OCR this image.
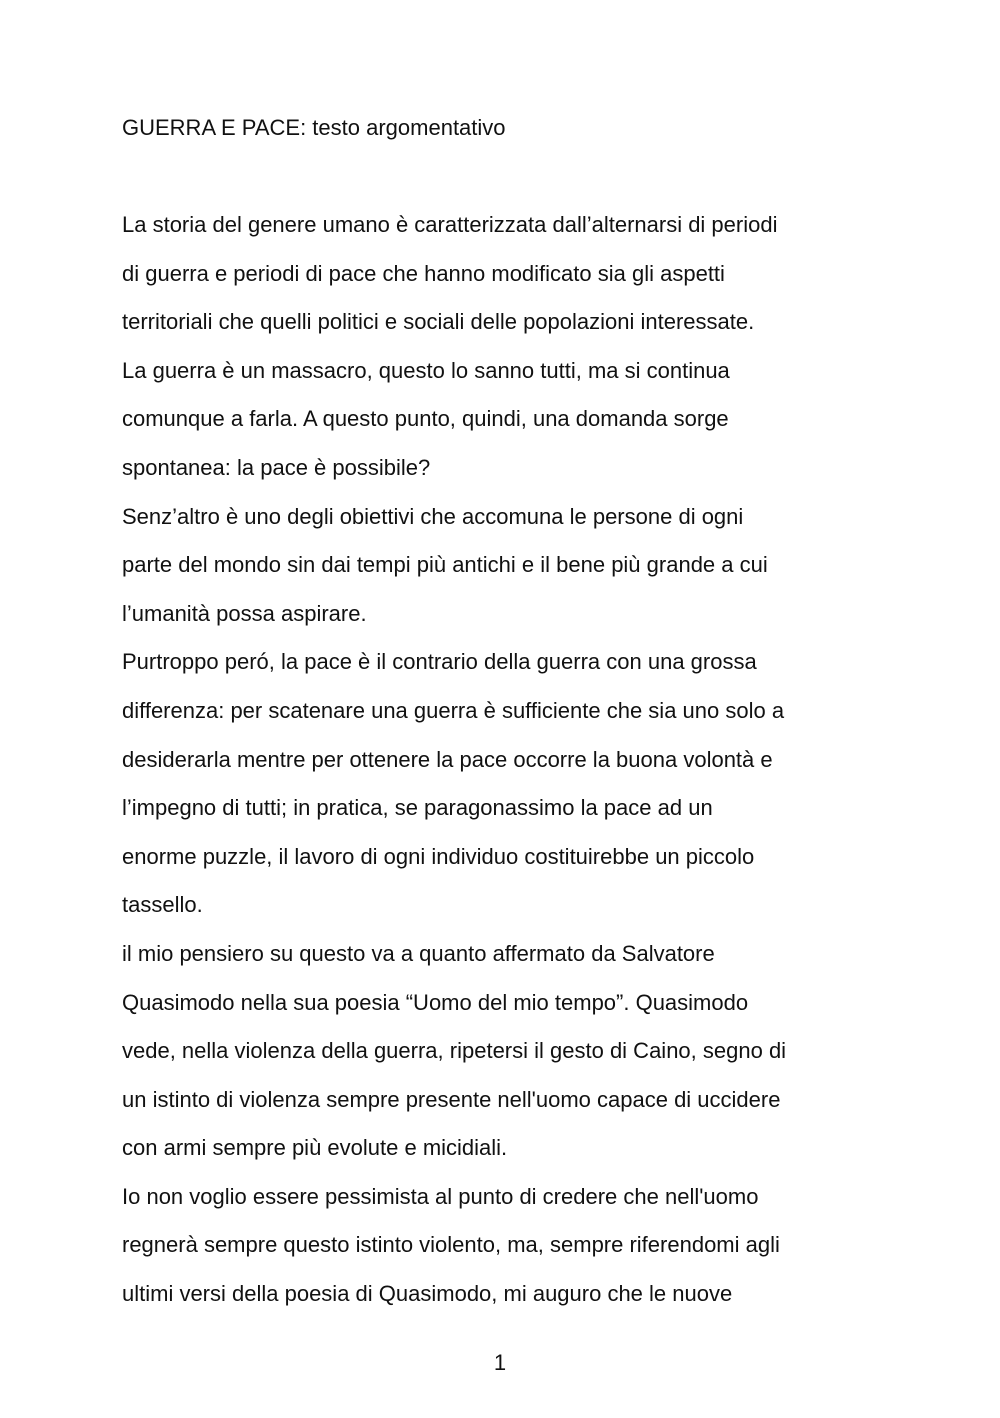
GUERRA E PACE: testo argomentativo
La storia del genere umano è caratterizzata dall’alternarsi di periodi
di guerra e periodi di pace che hanno modificato sia gli aspetti
territoriali che quelli politici e sociali delle popolazioni interessate.
La guerra è un massacro, questo lo sanno tutti, ma si continua
comunque a farla. A questo punto, quindi, una domanda sorge
spontanea: la pace è possibile?
Senz’altro è uno degli obiettivi che accomuna le persone di ogni
parte del mondo sin dai tempi più antichi e il bene più grande a cui
l’umanità possa aspirare.
Purtroppo peró, la pace è il contrario della guerra con una grossa
differenza: per scatenare una guerra è sufficiente che sia uno solo a
desiderarla mentre per ottenere la pace occorre la buona volontà e
l’impegno di tutti; in pratica, se paragonassimo la pace ad un
enorme puzzle, il lavoro di ogni individuo costituirebbe un piccolo
tassello.
il mio pensiero su questo va a quanto affermato da Salvatore
Quasimodo nella sua poesia “Uomo del mio tempo”. Quasimodo
vede, nella violenza della guerra, ripetersi il gesto di Caino, segno di
un istinto di violenza sempre presente nell'uomo capace di uccidere
con armi sempre più evolute e micidiali.
Io non voglio essere pessimista al punto di credere che nell'uomo
regnerà sempre questo istinto violento, ma, sempre riferendomi agli
ultimi versi della poesia di Quasimodo, mi auguro che le nuove
1
